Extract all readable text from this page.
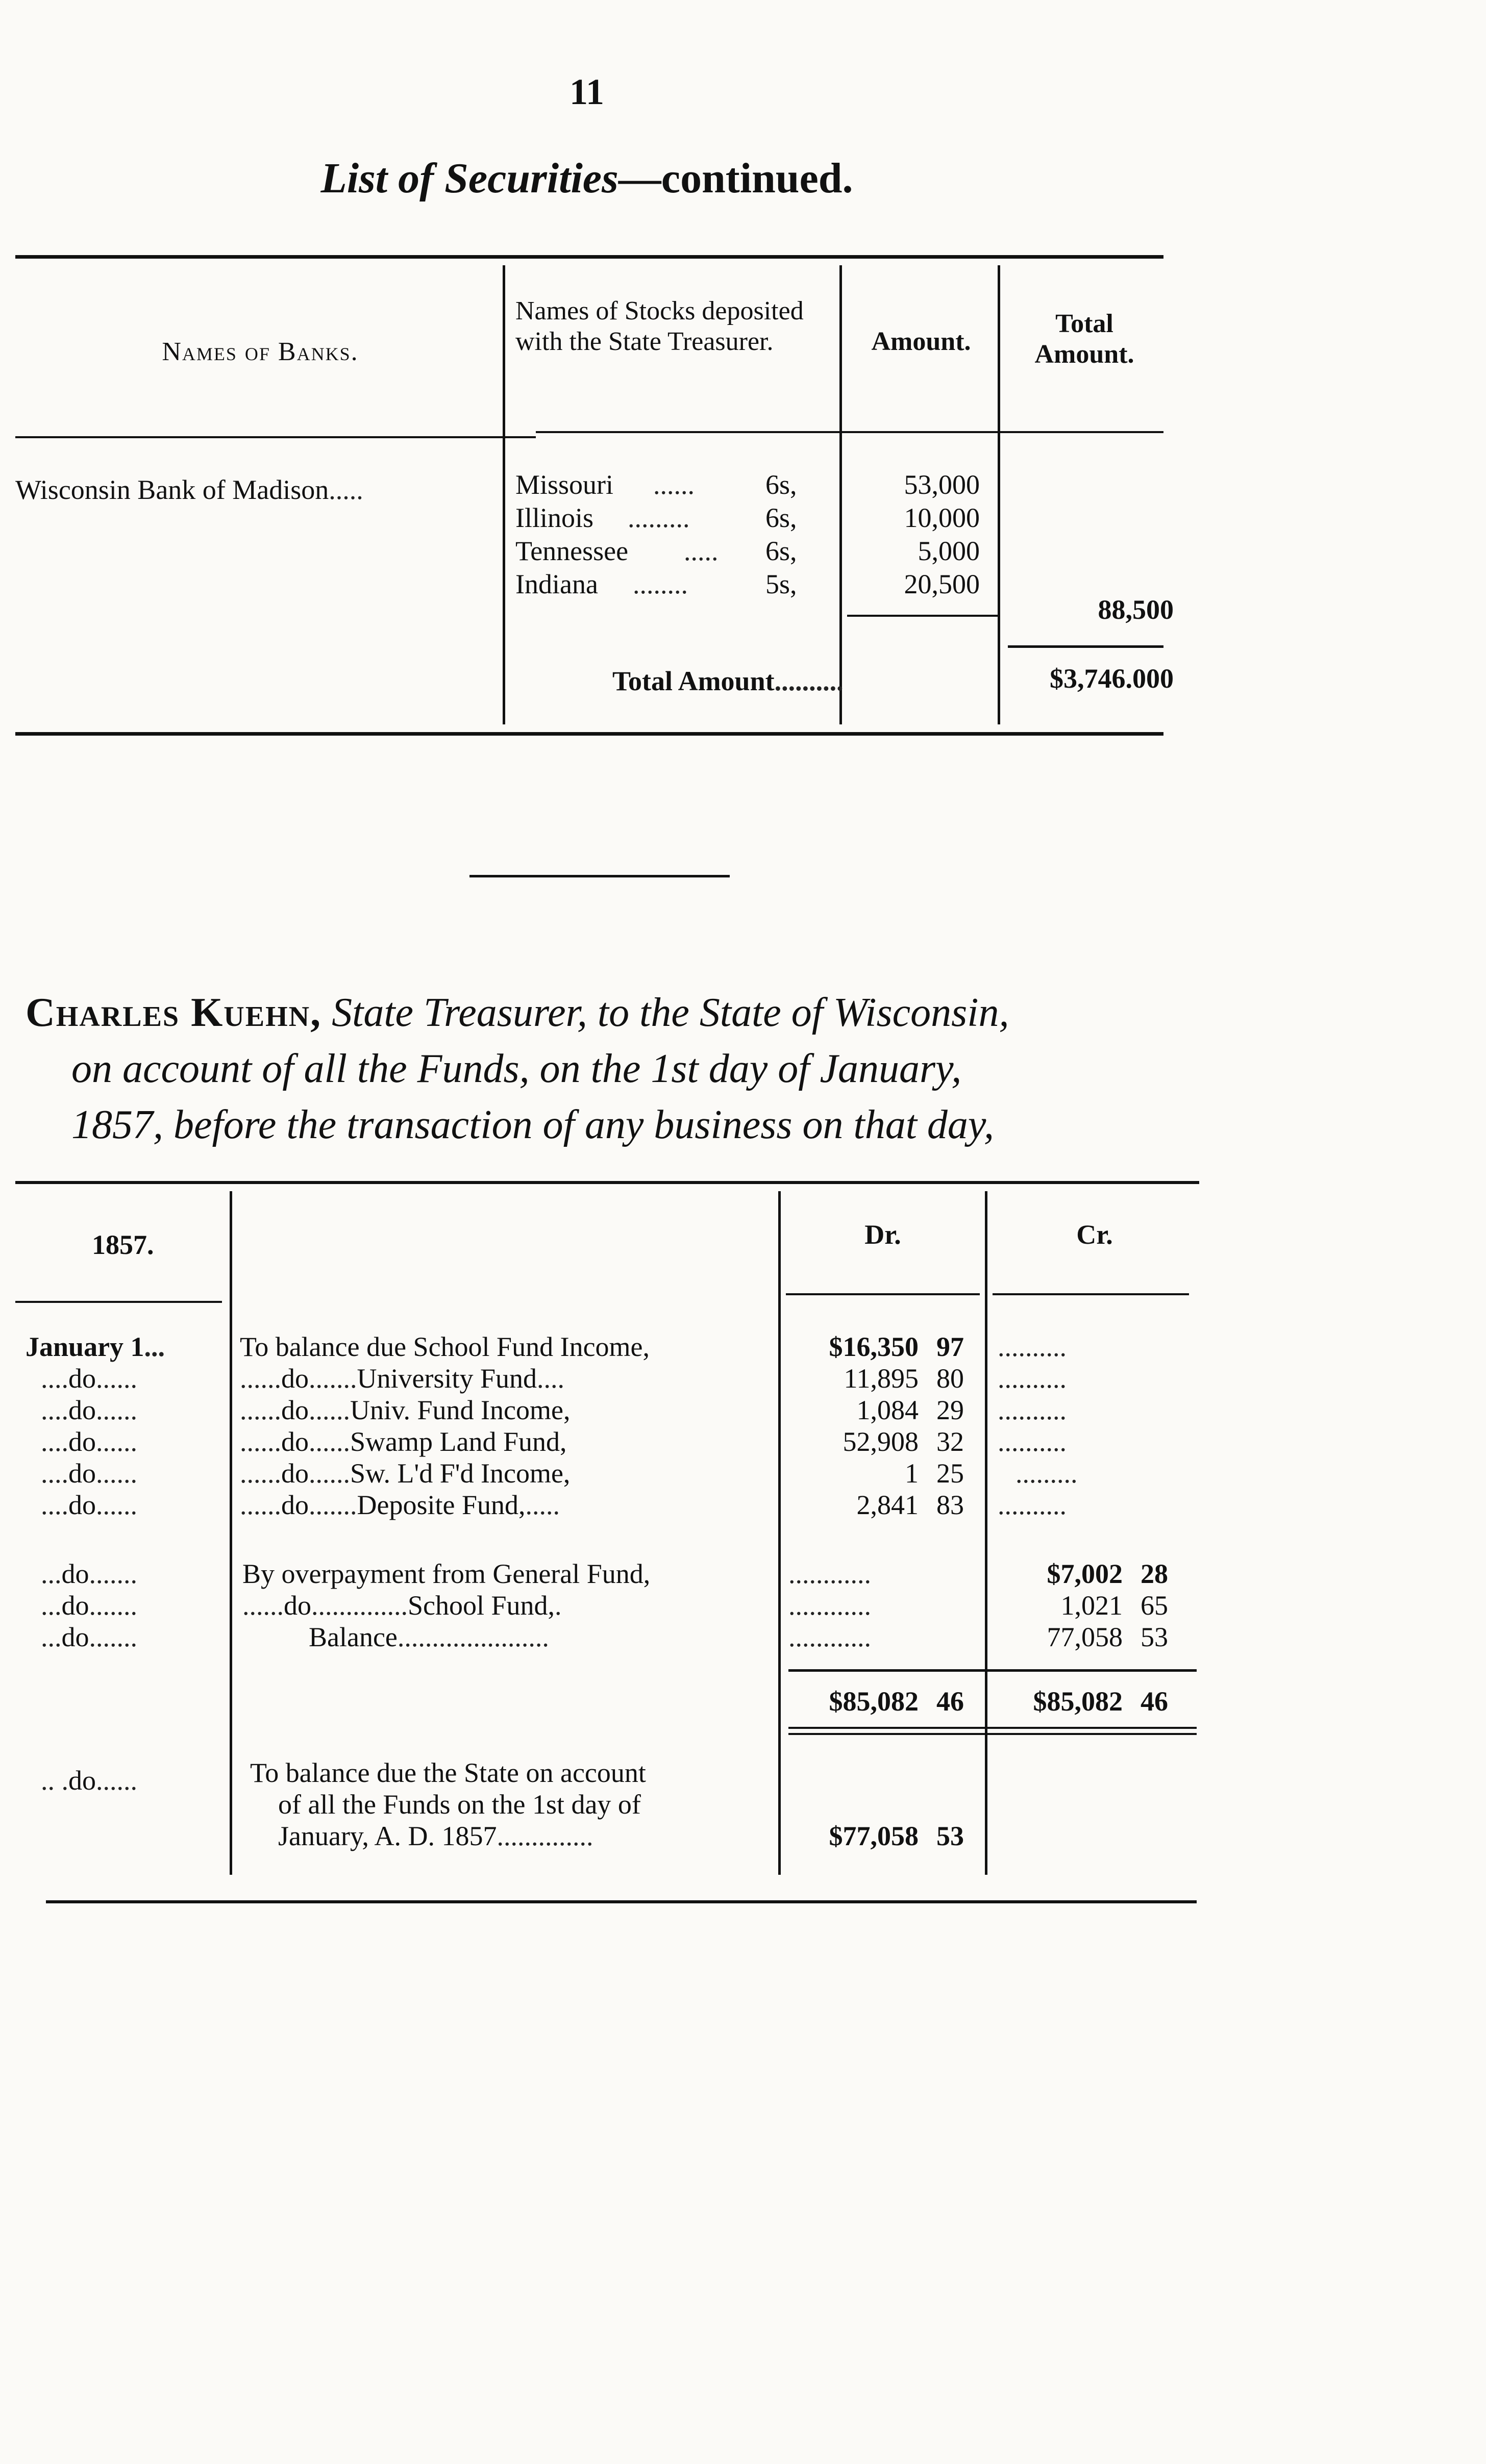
11
List of Securities—continued.
Names of Banks.
Names of Stocks deposited with the State Treasurer.	Amount.
Total Amount.
Wisconsin Bank of Madison.....	Missouri ......	6s,	53,000
Illinois .........	6s,	10,000
Tennessee ..... 6s,	5,000
Indiana ........	5s,	20,500
88,500
Total Amount..........	$3,746.000
Charles Kuehn, State Treasurer, to the State of Wisconsin,
on account of all the Funds, on the 1st day of January,
1857, before the transaction of any business on that day,
1857.	Dr.	Cr.
January 1...	To balance due School Fund Income,	$16,350 97 ..........
....do......	......do.......University Fund....	11,895 80 ..........
....do......	......do......Univ. Fund Income,	1,084 29 ..........
....do......	......do......Swamp Land Fund,	52,908 32 ..........
....do......	......do......Sw. L'd F'd Income,	1 25 .........
....do......	......do.......Deposite Fund,.....	2,841 83 ..........
...do.......	By overpayment from General Fund,	............	$7,002 28
...do.......	......do..............School Fund,.	............	1,021 65
...do.......	Balance......................	............	77,058 53
$85,082 46	$85,082 46
.. .do......	To balance due the State on account
of all the Funds on the 1st day of
January, A. D. 1857..............	$77,058 53
